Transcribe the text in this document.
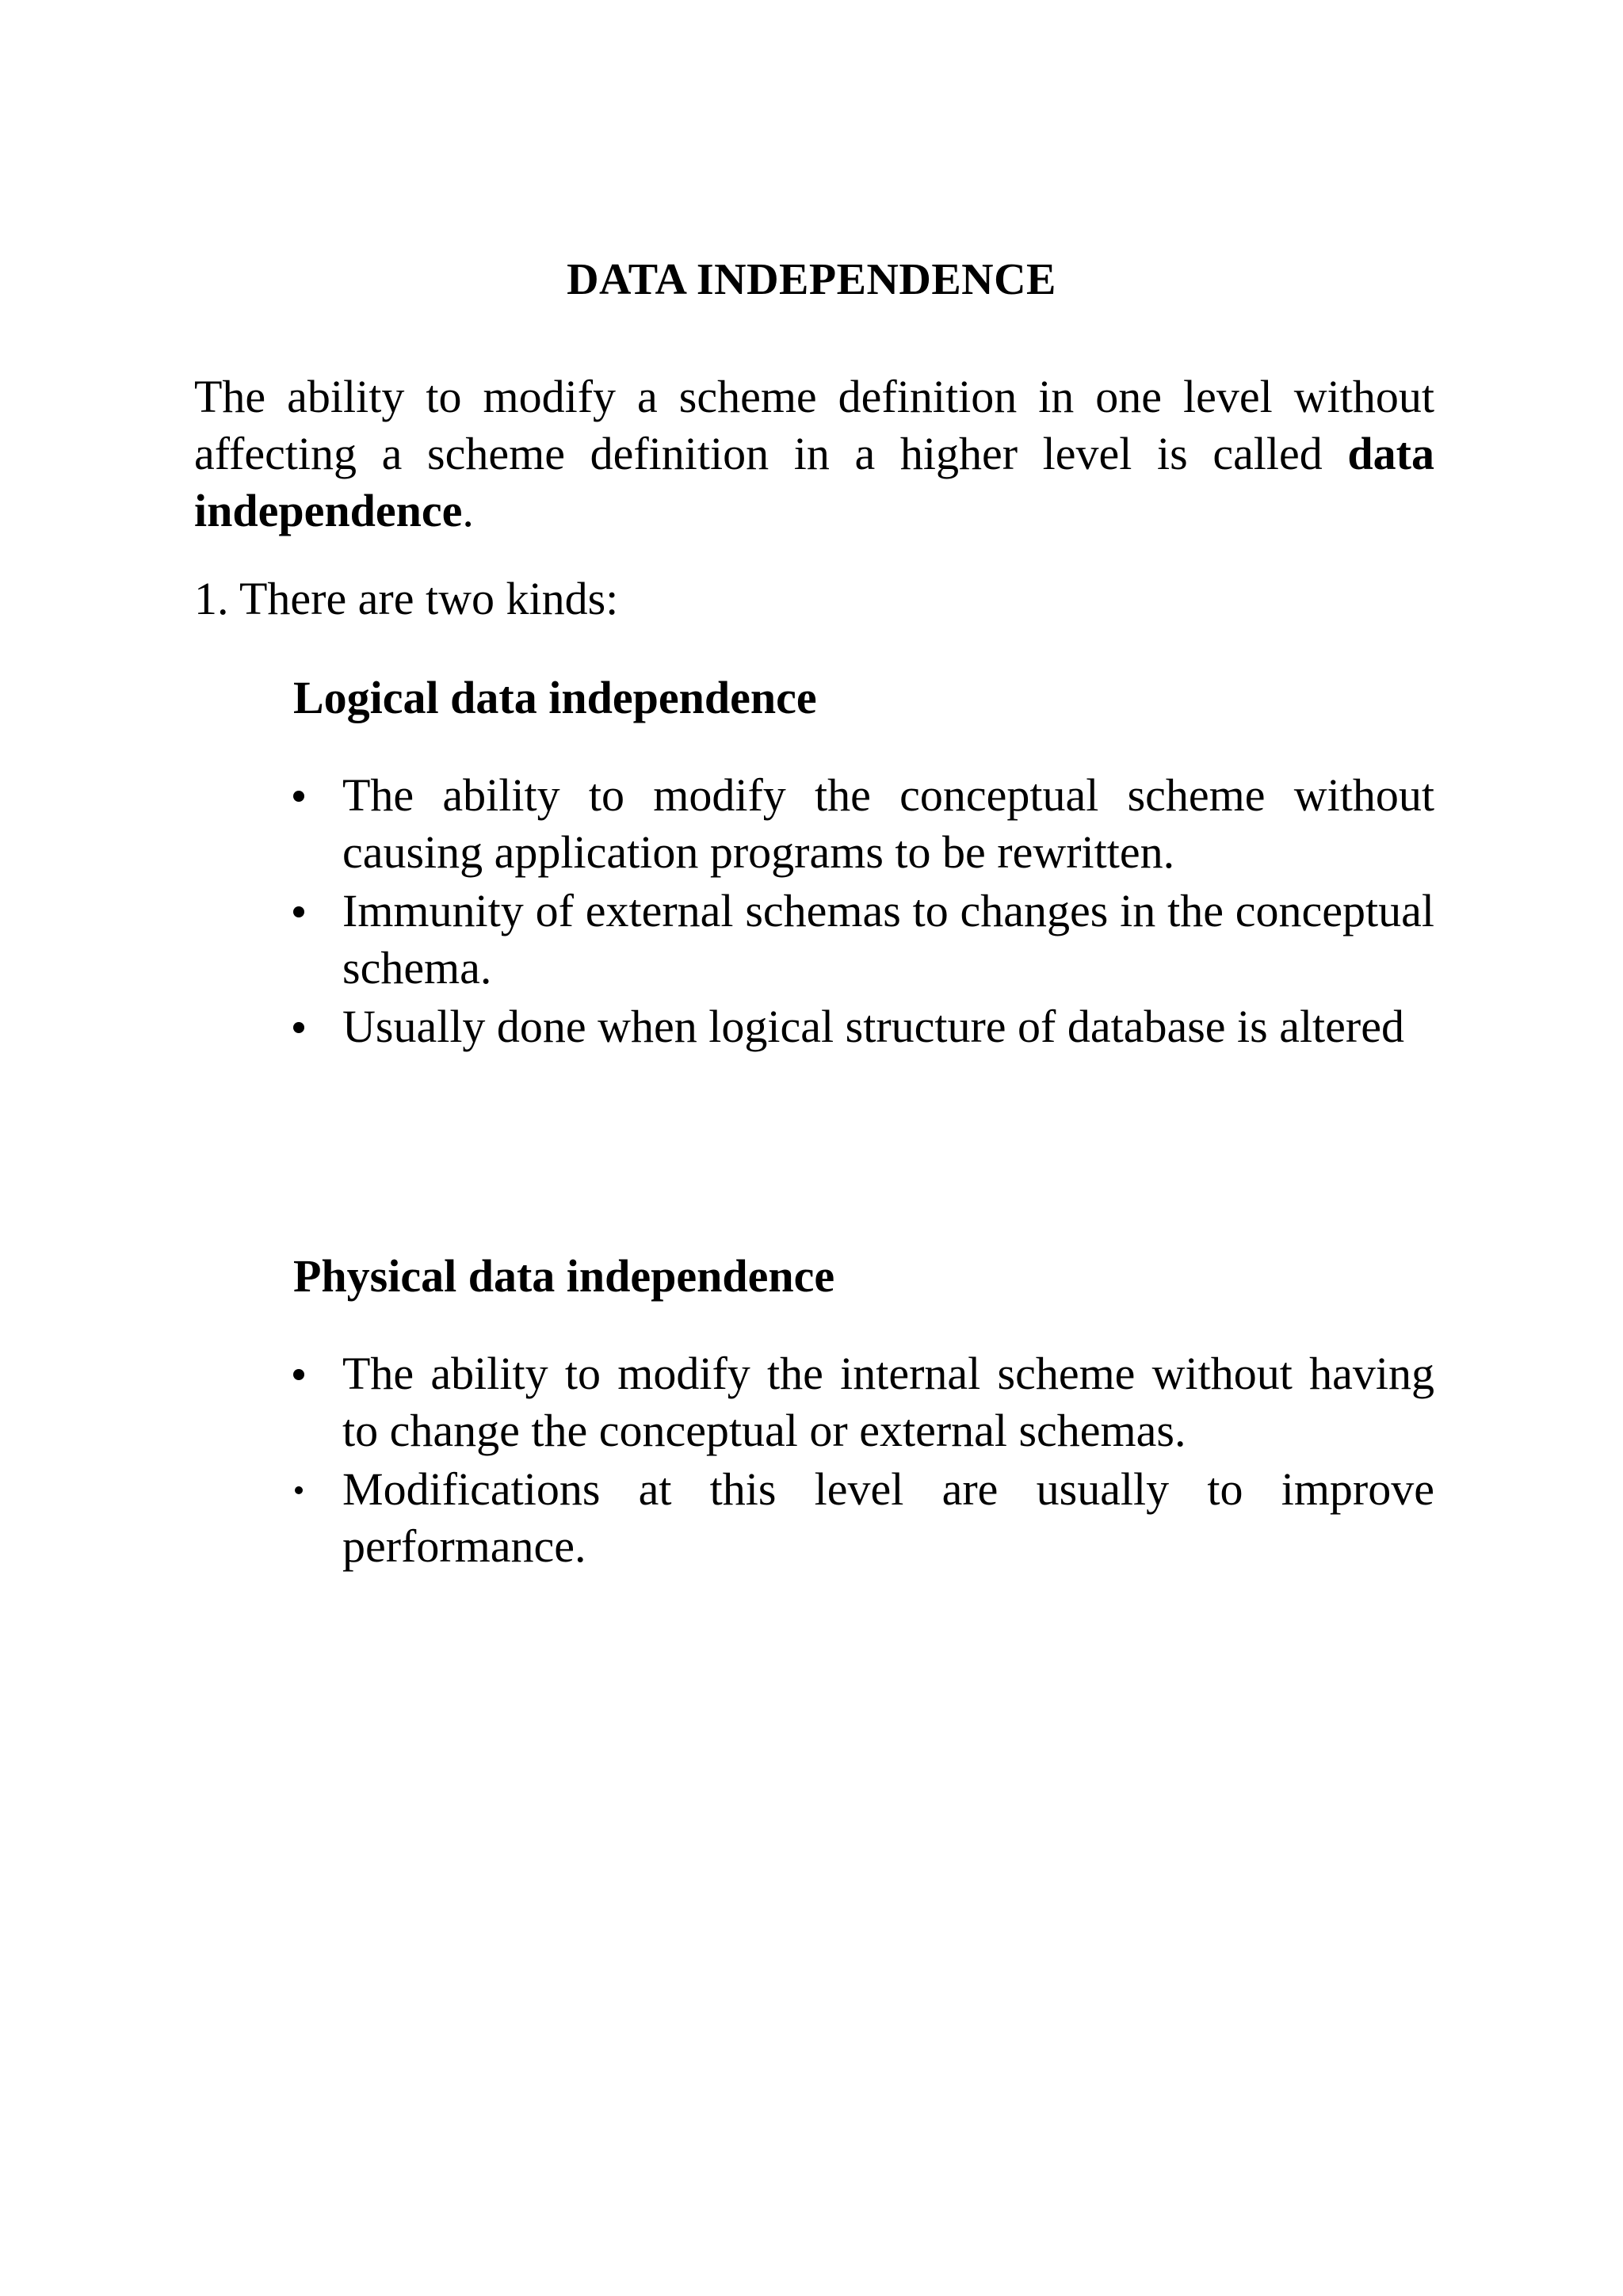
DATA INDEPENDENCE

The ability to modify a scheme definition in one level without affecting a scheme definition in a higher level is called data independence.

1. There are two kinds:

Logical data independence

The ability to modify the conceptual scheme without causing application programs to be rewritten.
Immunity of external schemas to changes in the conceptual schema.
Usually done when logical structure of database is altered

Physical data independence

The ability to modify the internal scheme without having to change the conceptual or external schemas.
Modifications at this level are usually to improve performance.
